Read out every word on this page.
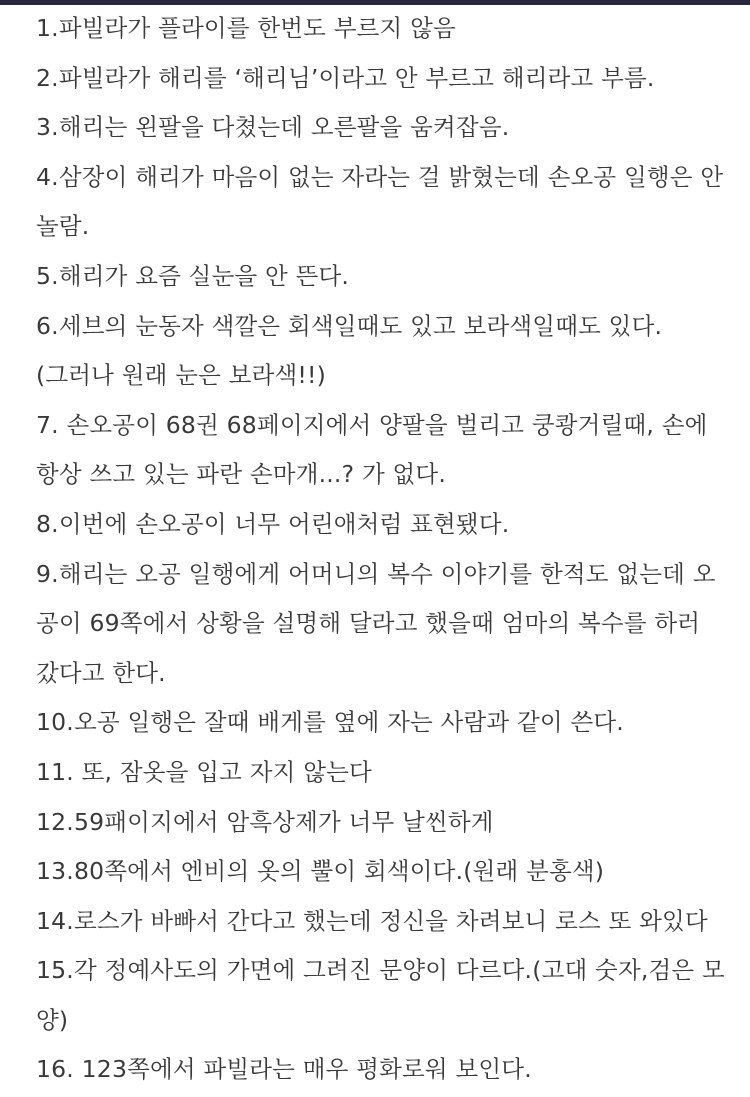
1.파빌라가 플라이를 한번도 부르지 않음
2.파빌라가 해리를 ‘해리님’이라고 안 부르고 해리라고 부름.
3.해리는 왼팔을 다쳤는데 오른팔을 움켜잡음.
4.삼장이 해리가 마음이 없는 자라는 걸 밝혔는데 손오공 일행은 안
놀람.
5.해리가 요즘 실눈을 안 뜬다.
6.세브의 눈동자 색깔은 회색일때도 있고 보라색일때도 있다.
(그러나 원래 눈은 보라색!!)
7. 손오공이 68권 68페이지에서 양팔을 벌리고 쿵쾅거릴때, 손에
항상 쓰고 있는 파란 손마개...? 가 없다.
8.이번에 손오공이 너무 어린애처럼 표현됐다.
9.해리는 오공 일행에게 어머니의 복수 이야기를 한적도 없는데 오
공이 69쪽에서 상황을 설명해 달라고 했을때 엄마의 복수를 하러
갔다고 한다.
10.오공 일행은 잘때 배게를 옆에 자는 사람과 같이 쓴다.
11. 또, 잠옷을 입고 자지 않는다
12.59패이지에서 암흑상제가 너무 날씬하게
13.80쪽에서 엔비의 옷의 뿔이 회색이다.(원래 분홍색)
14.로스가 바빠서 간다고 했는데 정신을 차려보니 로스 또 와있다
15.각 정예사도의 가면에 그려진 문양이 다르다.(고대 숫자,검은 모
양)
16. 123쪽에서 파빌라는 매우 평화로워 보인다.
